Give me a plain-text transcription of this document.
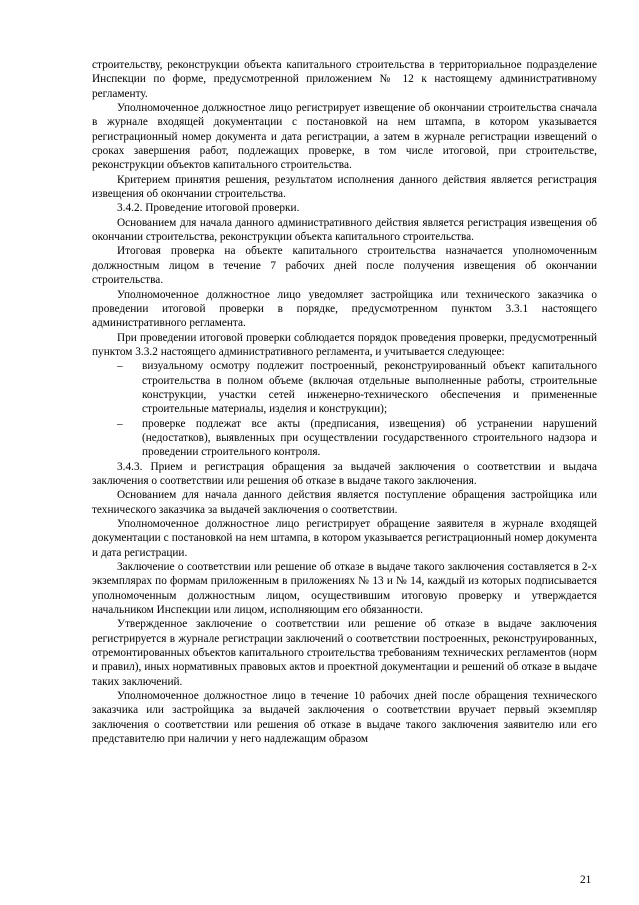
строительству, реконструкции объекта капитального строительства в территориальное подразделение Инспекции по форме, предусмотренной приложением № 12 к настоящему административному регламенту.

Уполномоченное должностное лицо регистрирует извещение об окончании строительства сначала в журнале входящей документации с постановкой на нем штампа, в котором указывается регистрационный номер документа и дата регистрации, а затем в журнале регистрации извещений о сроках завершения работ, подлежащих проверке, в том числе итоговой, при строительстве, реконструкции объектов капитального строительства.

Критерием принятия решения, результатом исполнения данного действия является регистрация извещения об окончании строительства.

3.4.2. Проведение итоговой проверки.

Основанием для начала данного административного действия является регистрация извещения об окончании строительства, реконструкции объекта капитального строительства.

Итоговая проверка на объекте капитального строительства назначается уполномоченным должностным лицом в течение 7 рабочих дней после получения извещения об окончании строительства.

Уполномоченное должностное лицо уведомляет застройщика или технического заказчика о проведении итоговой проверки в порядке, предусмотренном пунктом 3.3.1 настоящего административного регламента.

При проведении итоговой проверки соблюдается порядок проведения проверки, предусмотренный пунктом 3.3.2 настоящего административного регламента, и учитывается следующее:

– визуальному осмотру подлежит построенный, реконструированный объект капитального строительства в полном объеме (включая отдельные выполненные работы, строительные конструкции, участки сетей инженерно-технического обеспечения и примененные строительные материалы, изделия и конструкции);
– проверке подлежат все акты (предписания, извещения) об устранении нарушений (недостатков), выявленных при осуществлении государственного строительного надзора и проведении строительного контроля.

3.4.3. Прием и регистрация обращения за выдачей заключения о соответствии и выдача заключения о соответствии или решения об отказе в выдаче такого заключения.

Основанием для начала данного действия является поступление обращения застройщика или технического заказчика за выдачей заключения о соответствии.

Уполномоченное должностное лицо регистрирует обращение заявителя в журнале входящей документации с постановкой на нем штампа, в котором указывается регистрационный номер документа и дата регистрации.

Заключение о соответствии или решение об отказе в выдаче такого заключения составляется в 2-х экземплярах по формам приложенным в приложениях № 13 и № 14, каждый из которых подписывается уполномоченным должностным лицом, осуществившим итоговую проверку и утверждается начальником Инспекции или лицом, исполняющим его обязанности.

Утвержденное заключение о соответствии или решение об отказе в выдаче заключения регистрируется в журнале регистрации заключений о соответствии построенных, реконструированных, отремонтированных объектов капитального строительства требованиям технических регламентов (норм и правил), иных нормативных правовых актов и проектной документации и решений об отказе в выдаче таких заключений.

Уполномоченное должностное лицо в течение 10 рабочих дней после обращения технического заказчика или застройщика за выдачей заключения о соответствии вручает первый экземпляр заключения о соответствии или решения об отказе в выдаче такого заключения заявителю или его представителю при наличии у него надлежащим образом

21
